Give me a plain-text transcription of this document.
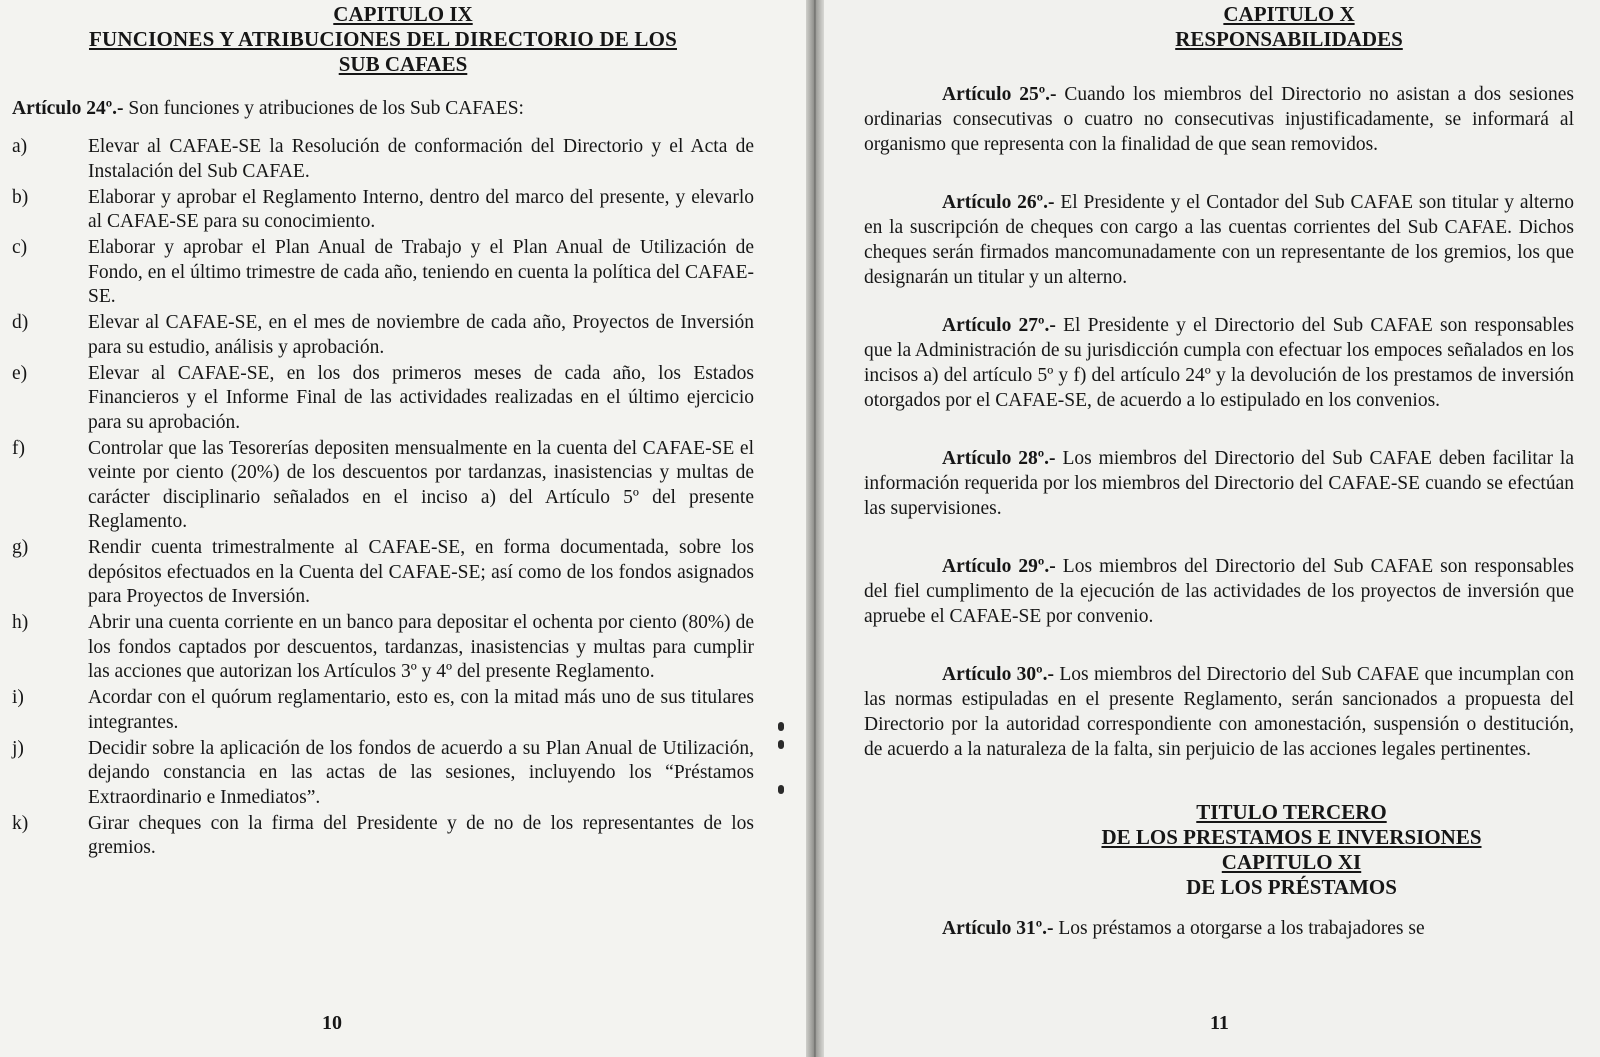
CAPITULO IX

FUNCIONES Y ATRIBUCIONES DEL DIRECTORIO DE LOS

SUB CAFAES

Artículo 24º.- Son funciones y atribuciones de los Sub CAFAES:

a)	Elevar al CAFAE-SE la Resolución de conformación del Directorio y el Acta de Instalación del Sub CAFAE.
b)	Elaborar y aprobar el Reglamento Interno, dentro del marco del presente, y elevarlo al CAFAE-SE para su conocimiento.
c)	Elaborar y aprobar el Plan Anual de Trabajo y el Plan Anual de Utilización de Fondo, en el último trimestre de cada año, teniendo en cuenta la política del CAFAE-SE.
d)	Elevar al CAFAE-SE, en el mes de noviembre de cada año, Proyectos de Inversión para su estudio, análisis y aprobación.
e)	Elevar al CAFAE-SE, en los dos primeros meses de cada año, los Estados Financieros y el Informe Final de las actividades realizadas en el último ejercicio para su aprobación.
f)	Controlar que las Tesorerías depositen mensualmente en la cuenta del CAFAE-SE el veinte por ciento (20%) de los descuentos por tardanzas, inasistencias y multas de carácter disciplinario señalados en el inciso a) del Artículo 5º del presente Reglamento.
g)	Rendir cuenta trimestralmente al CAFAE-SE, en forma documentada, sobre los depósitos efectuados en la Cuenta del CAFAE-SE; así como de los fondos asignados para Proyectos de Inversión.
h)	Abrir una cuenta corriente en un banco para depositar el ochenta por ciento (80%) de los fondos captados por descuentos, tardanzas, inasistencias y multas para cumplir las acciones que autorizan los Artículos 3º y 4º del presente Reglamento.
i)	Acordar con el quórum reglamentario, esto es, con la mitad más uno de sus titulares integrantes.
j)	Decidir sobre la aplicación de los fondos de acuerdo a su Plan Anual de Utilización, dejando constancia en las actas de las sesiones, incluyendo los “Préstamos Extraordinario e Inmediatos”.
k)	Girar cheques con la firma del Presidente y de no de los representantes de los gremios.
10

CAPITULO X

RESPONSABILIDADES

Artículo 25º.- Cuando los miembros del Directorio no asistan a dos sesiones ordinarias consecutivas o cuatro no consecutivas injustificadamente, se informará al organismo que representa con la finalidad de que sean removidos.

Artículo 26º.- El Presidente y el Contador del Sub CAFAE son titular y alterno en la suscripción de cheques con cargo a las cuentas corrientes del Sub CAFAE. Dichos cheques serán firmados mancomunadamente con un representante de los gremios, los que designarán un titular y un alterno.

Artículo 27º.- El Presidente y el Directorio del Sub CAFAE son responsables que la Administración de su jurisdicción cumpla con efectuar los empoces señalados en los incisos a) del artículo 5º y f) del artículo 24º y la devolución de los prestamos de inversión otorgados por el CAFAE-SE, de acuerdo a lo estipulado en los convenios.

Artículo 28º.- Los miembros del Directorio del Sub CAFAE deben facilitar la información requerida por los miembros del Directorio del CAFAE-SE cuando se efectúan las supervisiones.

Artículo 29º.- Los miembros del Directorio del Sub CAFAE son responsables del fiel cumplimento de la ejecución de las actividades de los proyectos de inversión que apruebe el CAFAE-SE por convenio.

Artículo 30º.- Los miembros del Directorio del Sub CAFAE que incumplan con las normas estipuladas en el presente Reglamento, serán sancionados a propuesta del Directorio por la autoridad correspondiente con amonestación, suspensión o destitución, de acuerdo a la naturaleza de la falta, sin perjuicio de las acciones legales pertinentes.

TITULO TERCERO

DE LOS PRESTAMOS E INVERSIONES

CAPITULO XI

DE LOS PRÉSTAMOS

Artículo 31º.- Los préstamos a otorgarse a los trabajadores se

11
